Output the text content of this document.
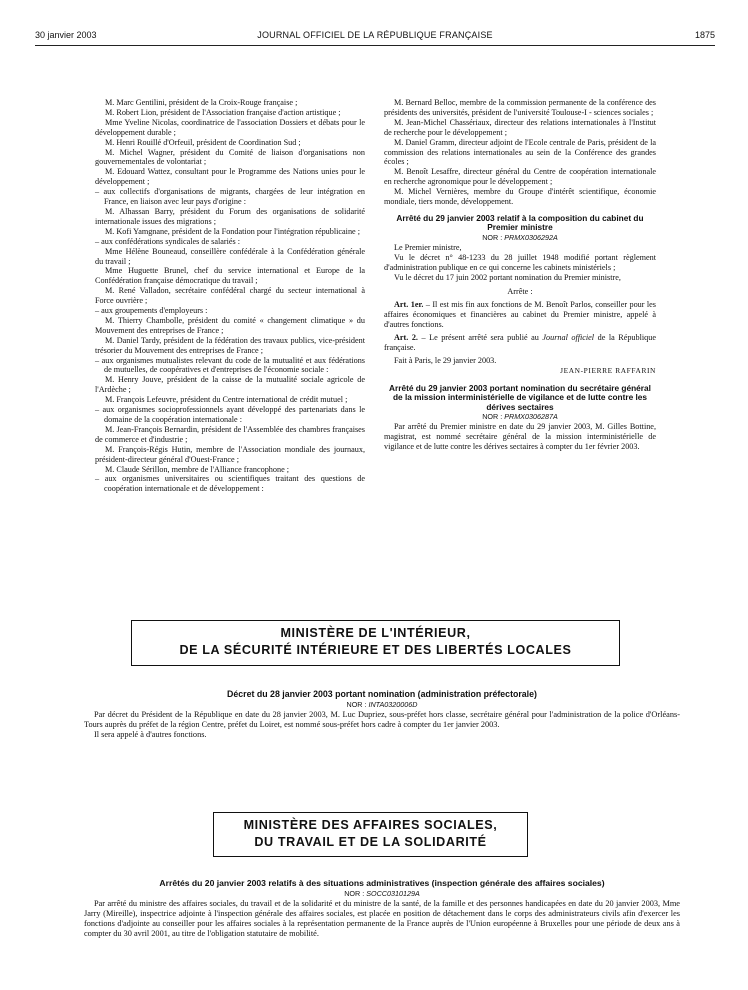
30 janvier 2003	JOURNAL OFFICIEL DE LA RÉPUBLIQUE FRANÇAISE	1875

M. Marc Gentilini, président de la Croix-Rouge française ;

M. Robert Lion, président de l'Association française d'action artistique ;

Mme Yveline Nicolas, coordinatrice de l'association Dossiers et débats pour le développement durable ;

M. Henri Rouillé d'Orfeuil, président de Coordination Sud ;

M. Michel Wagner, président du Comité de liaison d'organisations non gouvernementales de volontariat ;

M. Edouard Wattez, consultant pour le Programme des Nations unies pour le développement ;

– aux collectifs d'organisations de migrants, chargées de leur intégration en France, en liaison avec leur pays d'origine :

M. Alhassan Barry, président du Forum des organisations de solidarité internationale issues des migrations ;

M. Kofi Yamgnane, président de la Fondation pour l'intégration républicaine ;

– aux confédérations syndicales de salariés :

Mme Hélène Bouneaud, conseillère confédérale à la Confédération générale du travail ;

Mme Huguette Brunel, chef du service international et Europe de la Confédération française démocratique du travail ;

M. René Valladon, secrétaire confédéral chargé du secteur international à Force ouvrière ;

– aux groupements d'employeurs :

M. Thierry Chambolle, président du comité « changement climatique » du Mouvement des entreprises de France ;

M. Daniel Tardy, président de la fédération des travaux publics, vice-président trésorier du Mouvement des entreprises de France ;

– aux organismes mutualistes relevant du code de la mutualité et aux fédérations de mutuelles, de coopératives et d'entreprises de l'économie sociale :

M. Henry Jouve, président de la caisse de la mutualité sociale agricole de l'Ardèche ;

M. François Lefeuvre, président du Centre international de crédit mutuel ;

– aux organismes socioprofessionnels ayant développé des partenariats dans le domaine de la coopération internationale :

M. Jean-François Bernardin, président de l'Assemblée des chambres françaises de commerce et d'industrie ;

M. François-Régis Hutin, membre de l'Association mondiale des journaux, président-directeur général d'Ouest-France ;

M. Claude Sérillon, membre de l'Alliance francophone ;

– aux organismes universitaires ou scientifiques traitant des questions de coopération internationale et de développement :

M. Bernard Belloc, membre de la commission permanente de la conférence des présidents des universités, président de l'université Toulouse-I - sciences sociales ;

M. Jean-Michel Chassériaux, directeur des relations internationales à l'Institut de recherche pour le développement ;

M. Daniel Gramm, directeur adjoint de l'Ecole centrale de Paris, président de la commission des relations internationales au sein de la Conférence des grandes écoles ;

M. Benoît Lesaffre, directeur général du Centre de coopération internationale en recherche agronomique pour le développement ;

M. Michel Vernières, membre du Groupe d'intérêt scientifique, économie mondiale, tiers monde, développement.

Arrêté du 29 janvier 2003 relatif à la composition du cabinet du Premier ministre

NOR : PRMX0306292A

Le Premier ministre,

Vu le décret n° 48-1233 du 28 juillet 1948 modifié portant règlement d'administration publique en ce qui concerne les cabinets ministériels ;

Vu le décret du 17 juin 2002 portant nomination du Premier ministre,

Arrête :

Art. 1er. – Il est mis fin aux fonctions de M. Benoît Parlos, conseiller pour les affaires économiques et financières au cabinet du Premier ministre, appelé à d'autres fonctions.

Art. 2. – Le présent arrêté sera publié au Journal officiel de la République française.

Fait à Paris, le 29 janvier 2003.

JEAN-PIERRE RAFFARIN

Arrêté du 29 janvier 2003 portant nomination du secrétaire général de la mission interministérielle de vigilance et de lutte contre les dérives sectaires

NOR : PRMX0306287A

Par arrêté du Premier ministre en date du 29 janvier 2003, M. Gilles Bottine, magistrat, est nommé secrétaire général de la mission interministérielle de vigilance et de lutte contre les dérives sectaires à compter du 1er février 2003.

MINISTÈRE DE L'INTÉRIEUR,
DE LA SÉCURITÉ INTÉRIEURE ET DES LIBERTÉS LOCALES

Décret du 28 janvier 2003 portant nomination (administration préfectorale)

NOR : INTA0320006D

Par décret du Président de la République en date du 28 janvier 2003, M. Luc Dupriez, sous-préfet hors classe, secrétaire général pour l'administration de la police d'Orléans-Tours auprès du préfet de la région Centre, préfet du Loiret, est nommé sous-préfet hors cadre à compter du 1er janvier 2003.

Il sera appelé à d'autres fonctions.

MINISTÈRE DES AFFAIRES SOCIALES,
DU TRAVAIL ET DE LA SOLIDARITÉ

Arrêtés du 20 janvier 2003 relatifs à des situations administratives (inspection générale des affaires sociales)

NOR : SOCC0310129A

Par arrêté du ministre des affaires sociales, du travail et de la solidarité et du ministre de la santé, de la famille et des personnes handicapées en date du 20 janvier 2003, Mme Jarry (Mireille), inspectrice adjointe à l'inspection générale des affaires sociales, est placée en position de détachement dans le corps des administrateurs civils afin d'exercer les fonctions d'adjointe au conseiller pour les affaires sociales à la représentation permanente de la France auprès de l'Union européenne à Bruxelles pour une période de deux ans à compter du 30 avril 2001, au titre de l'obligation statutaire de mobilité.
